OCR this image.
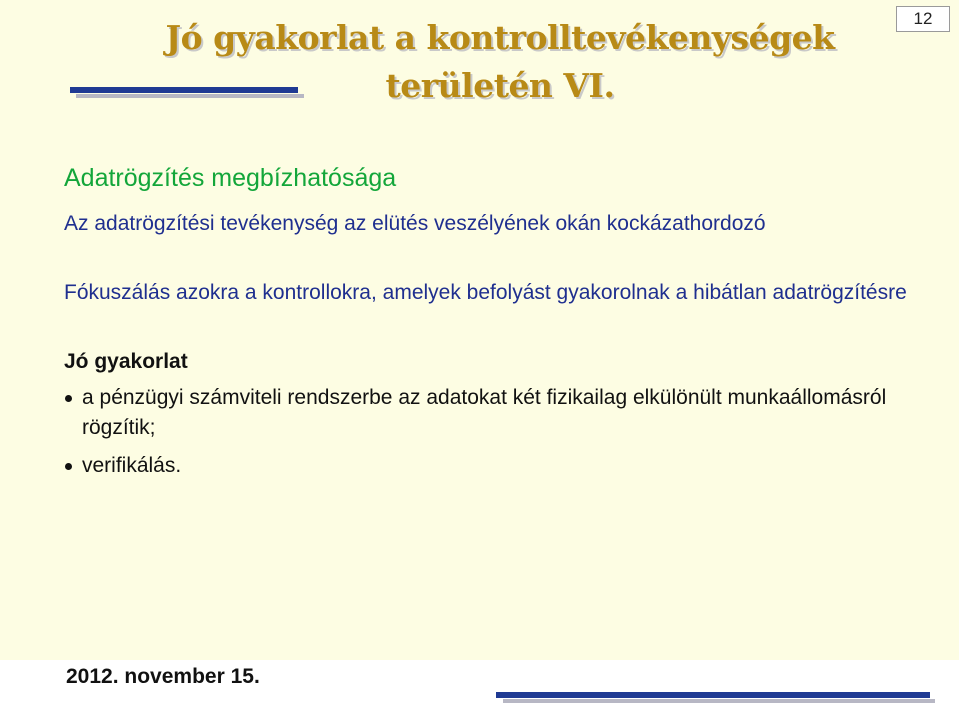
Jó gyakorlat a kontrolltevékenységek
területén VI.
12
Adatrögzítés megbízhatósága

Az adatrögzítési tevékenység az elütés veszélyének okán kockázathordozó

Fókuszálás azokra a kontrollokra, amelyek befolyást gyakorolnak a hibátlan adatrögzítésre

Jó gyakorlat

a pénzügyi számviteli rendszerbe az adatokat két fizikailag elkülönült munkaállomásról rögzítik;
verifikálás.
2012. november 15.
